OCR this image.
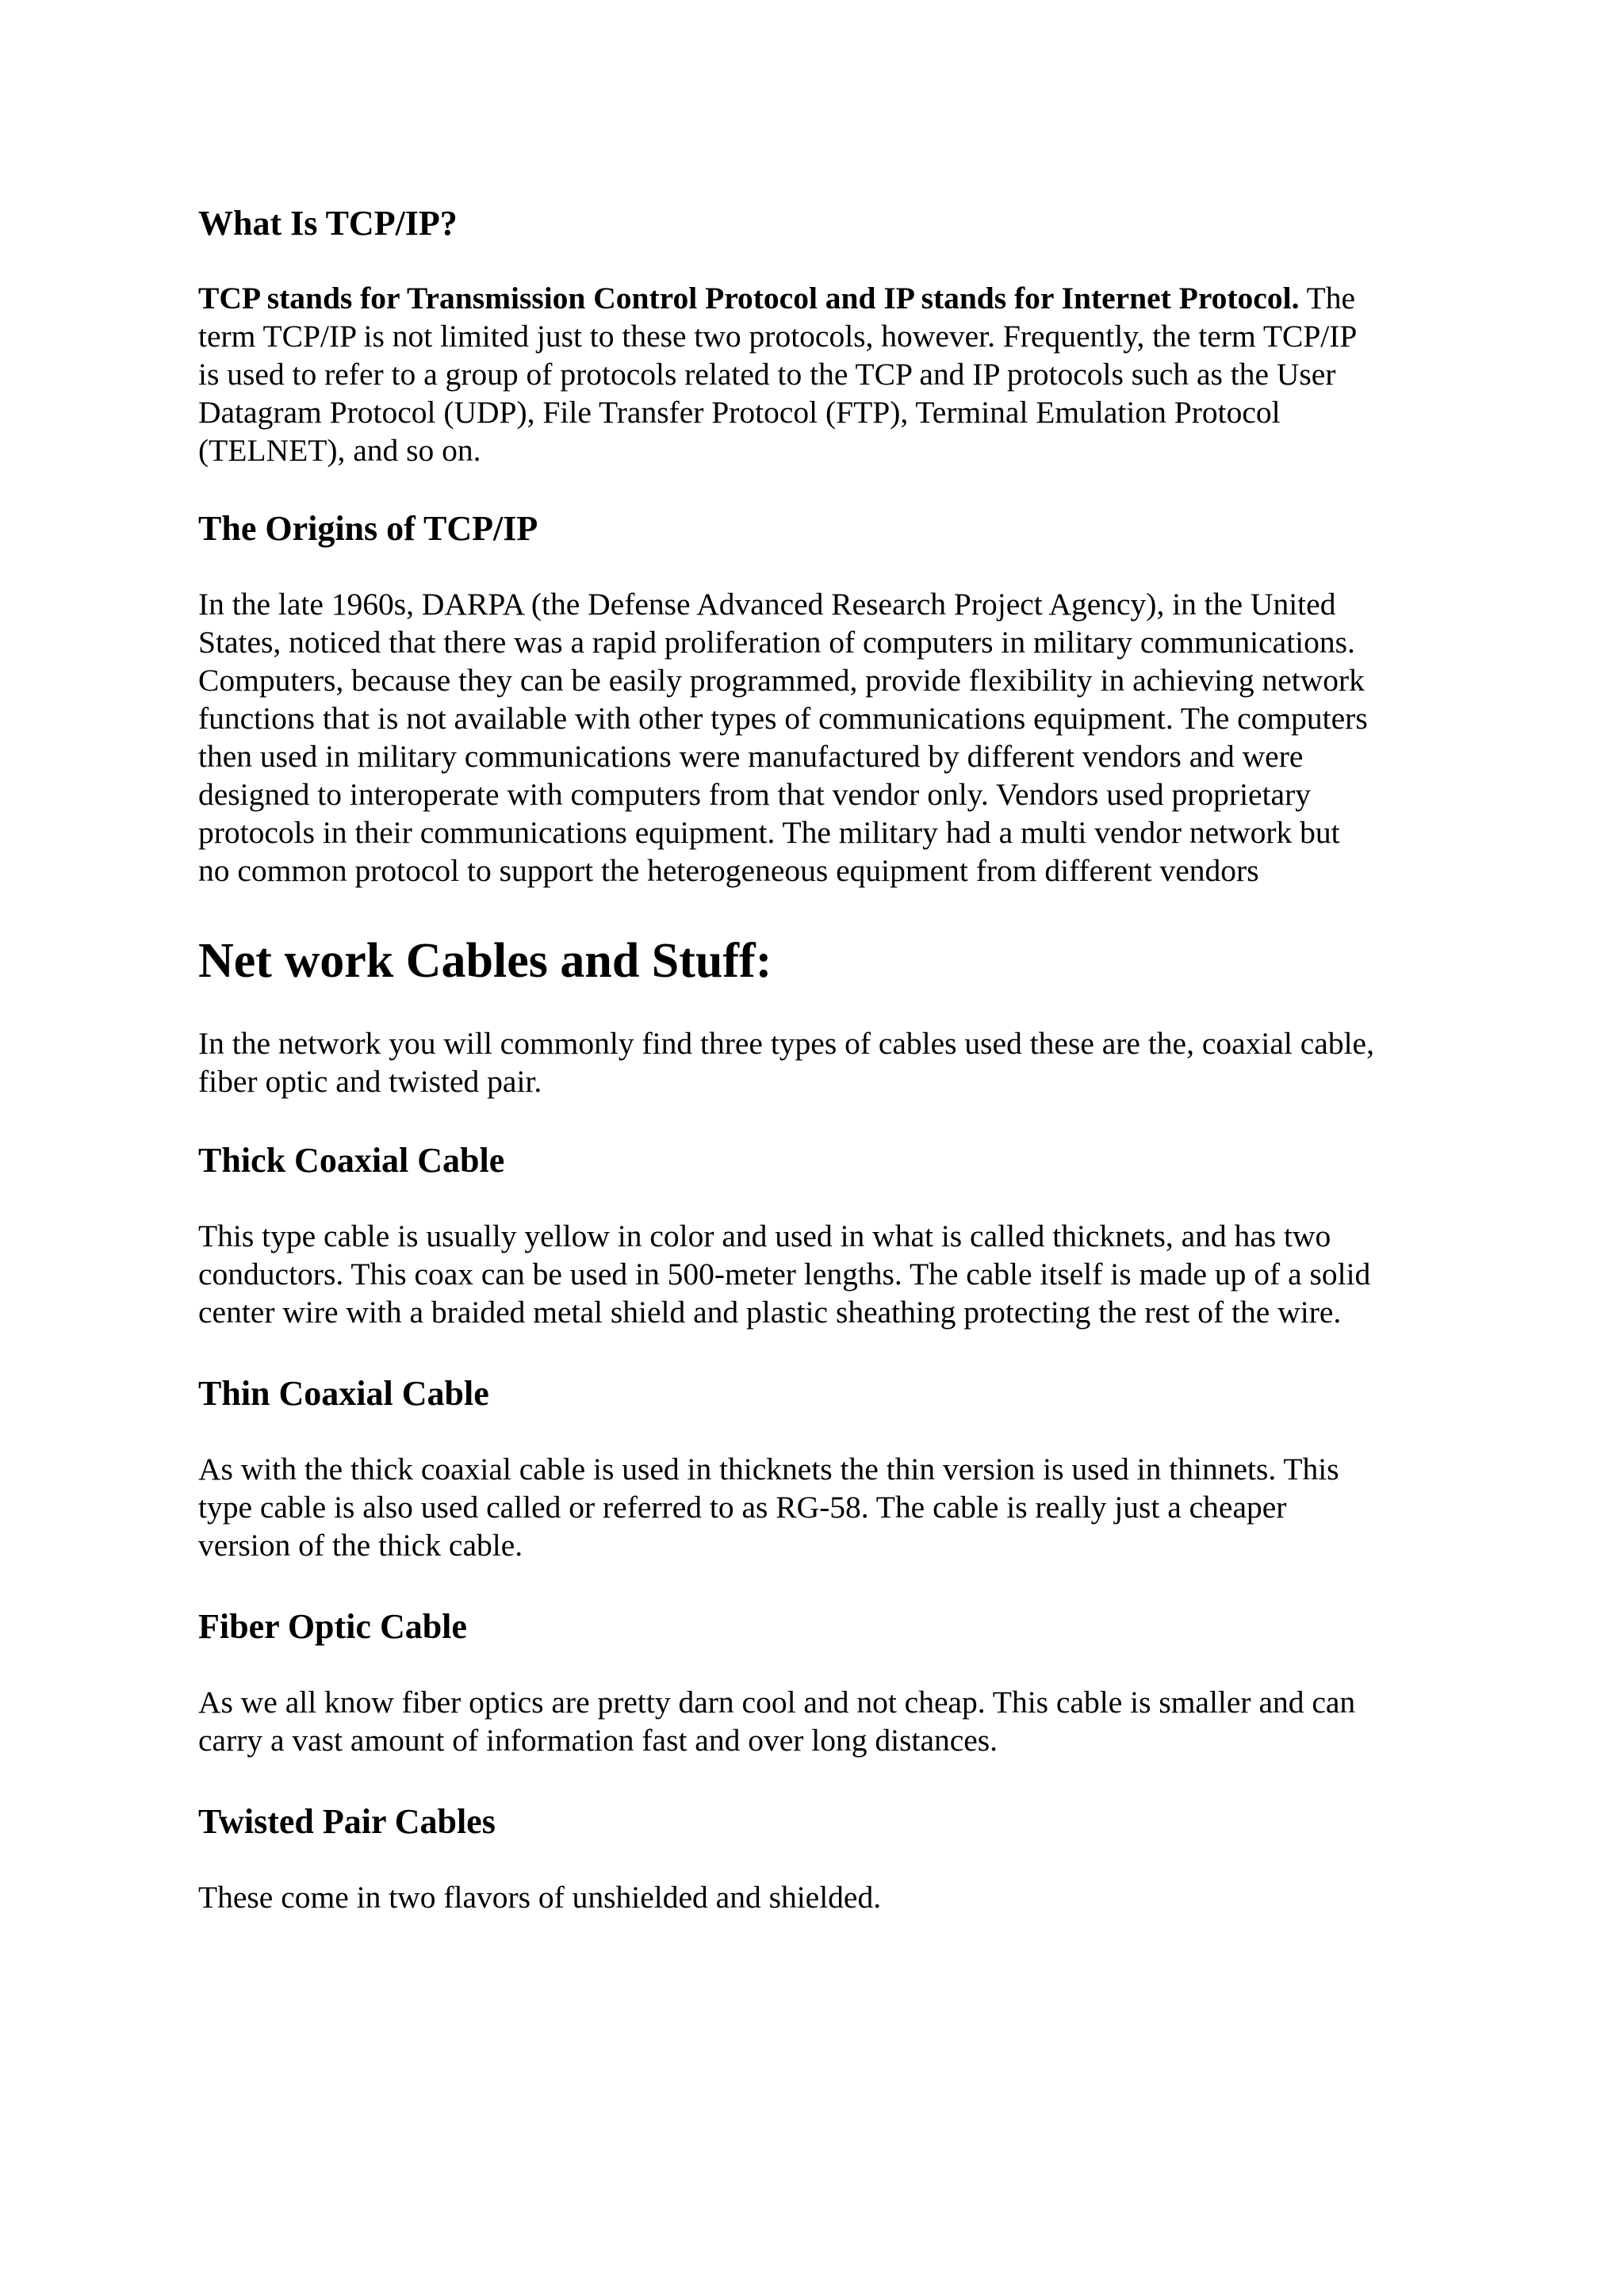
What Is TCP/IP?

TCP stands for Transmission Control Protocol and IP stands for Internet Protocol. The
term TCP/IP is not limited just to these two protocols, however. Frequently, the term TCP/IP
is used to refer to a group of protocols related to the TCP and IP protocols such as the User
Datagram Protocol (UDP), File Transfer Protocol (FTP), Terminal Emulation Protocol
(TELNET), and so on.

The Origins of TCP/IP

In the late 1960s, DARPA (the Defense Advanced Research Project Agency), in the United
States, noticed that there was a rapid proliferation of computers in military communications.
Computers, because they can be easily programmed, provide flexibility in achieving network
functions that is not available with other types of communications equipment. The computers
then used in military communications were manufactured by different vendors and were
designed to interoperate with computers from that vendor only. Vendors used proprietary
protocols in their communications equipment. The military had a multi vendor network but
no common protocol to support the heterogeneous equipment from different vendors

Net work Cables and Stuff:

In the network you will commonly find three types of cables used these are the, coaxial cable,
fiber optic and twisted pair.

Thick Coaxial Cable

This type cable is usually yellow in color and used in what is called thicknets, and has two
conductors. This coax can be used in 500-meter lengths. The cable itself is made up of a solid
center wire with a braided metal shield and plastic sheathing protecting the rest of the wire.

Thin Coaxial Cable

As with the thick coaxial cable is used in thicknets the thin version is used in thinnets. This
type cable is also used called or referred to as RG-58. The cable is really just a cheaper
version of the thick cable.

Fiber Optic Cable

As we all know fiber optics are pretty darn cool and not cheap. This cable is smaller and can
carry a vast amount of information fast and over long distances.

Twisted Pair Cables

These come in two flavors of unshielded and shielded.
